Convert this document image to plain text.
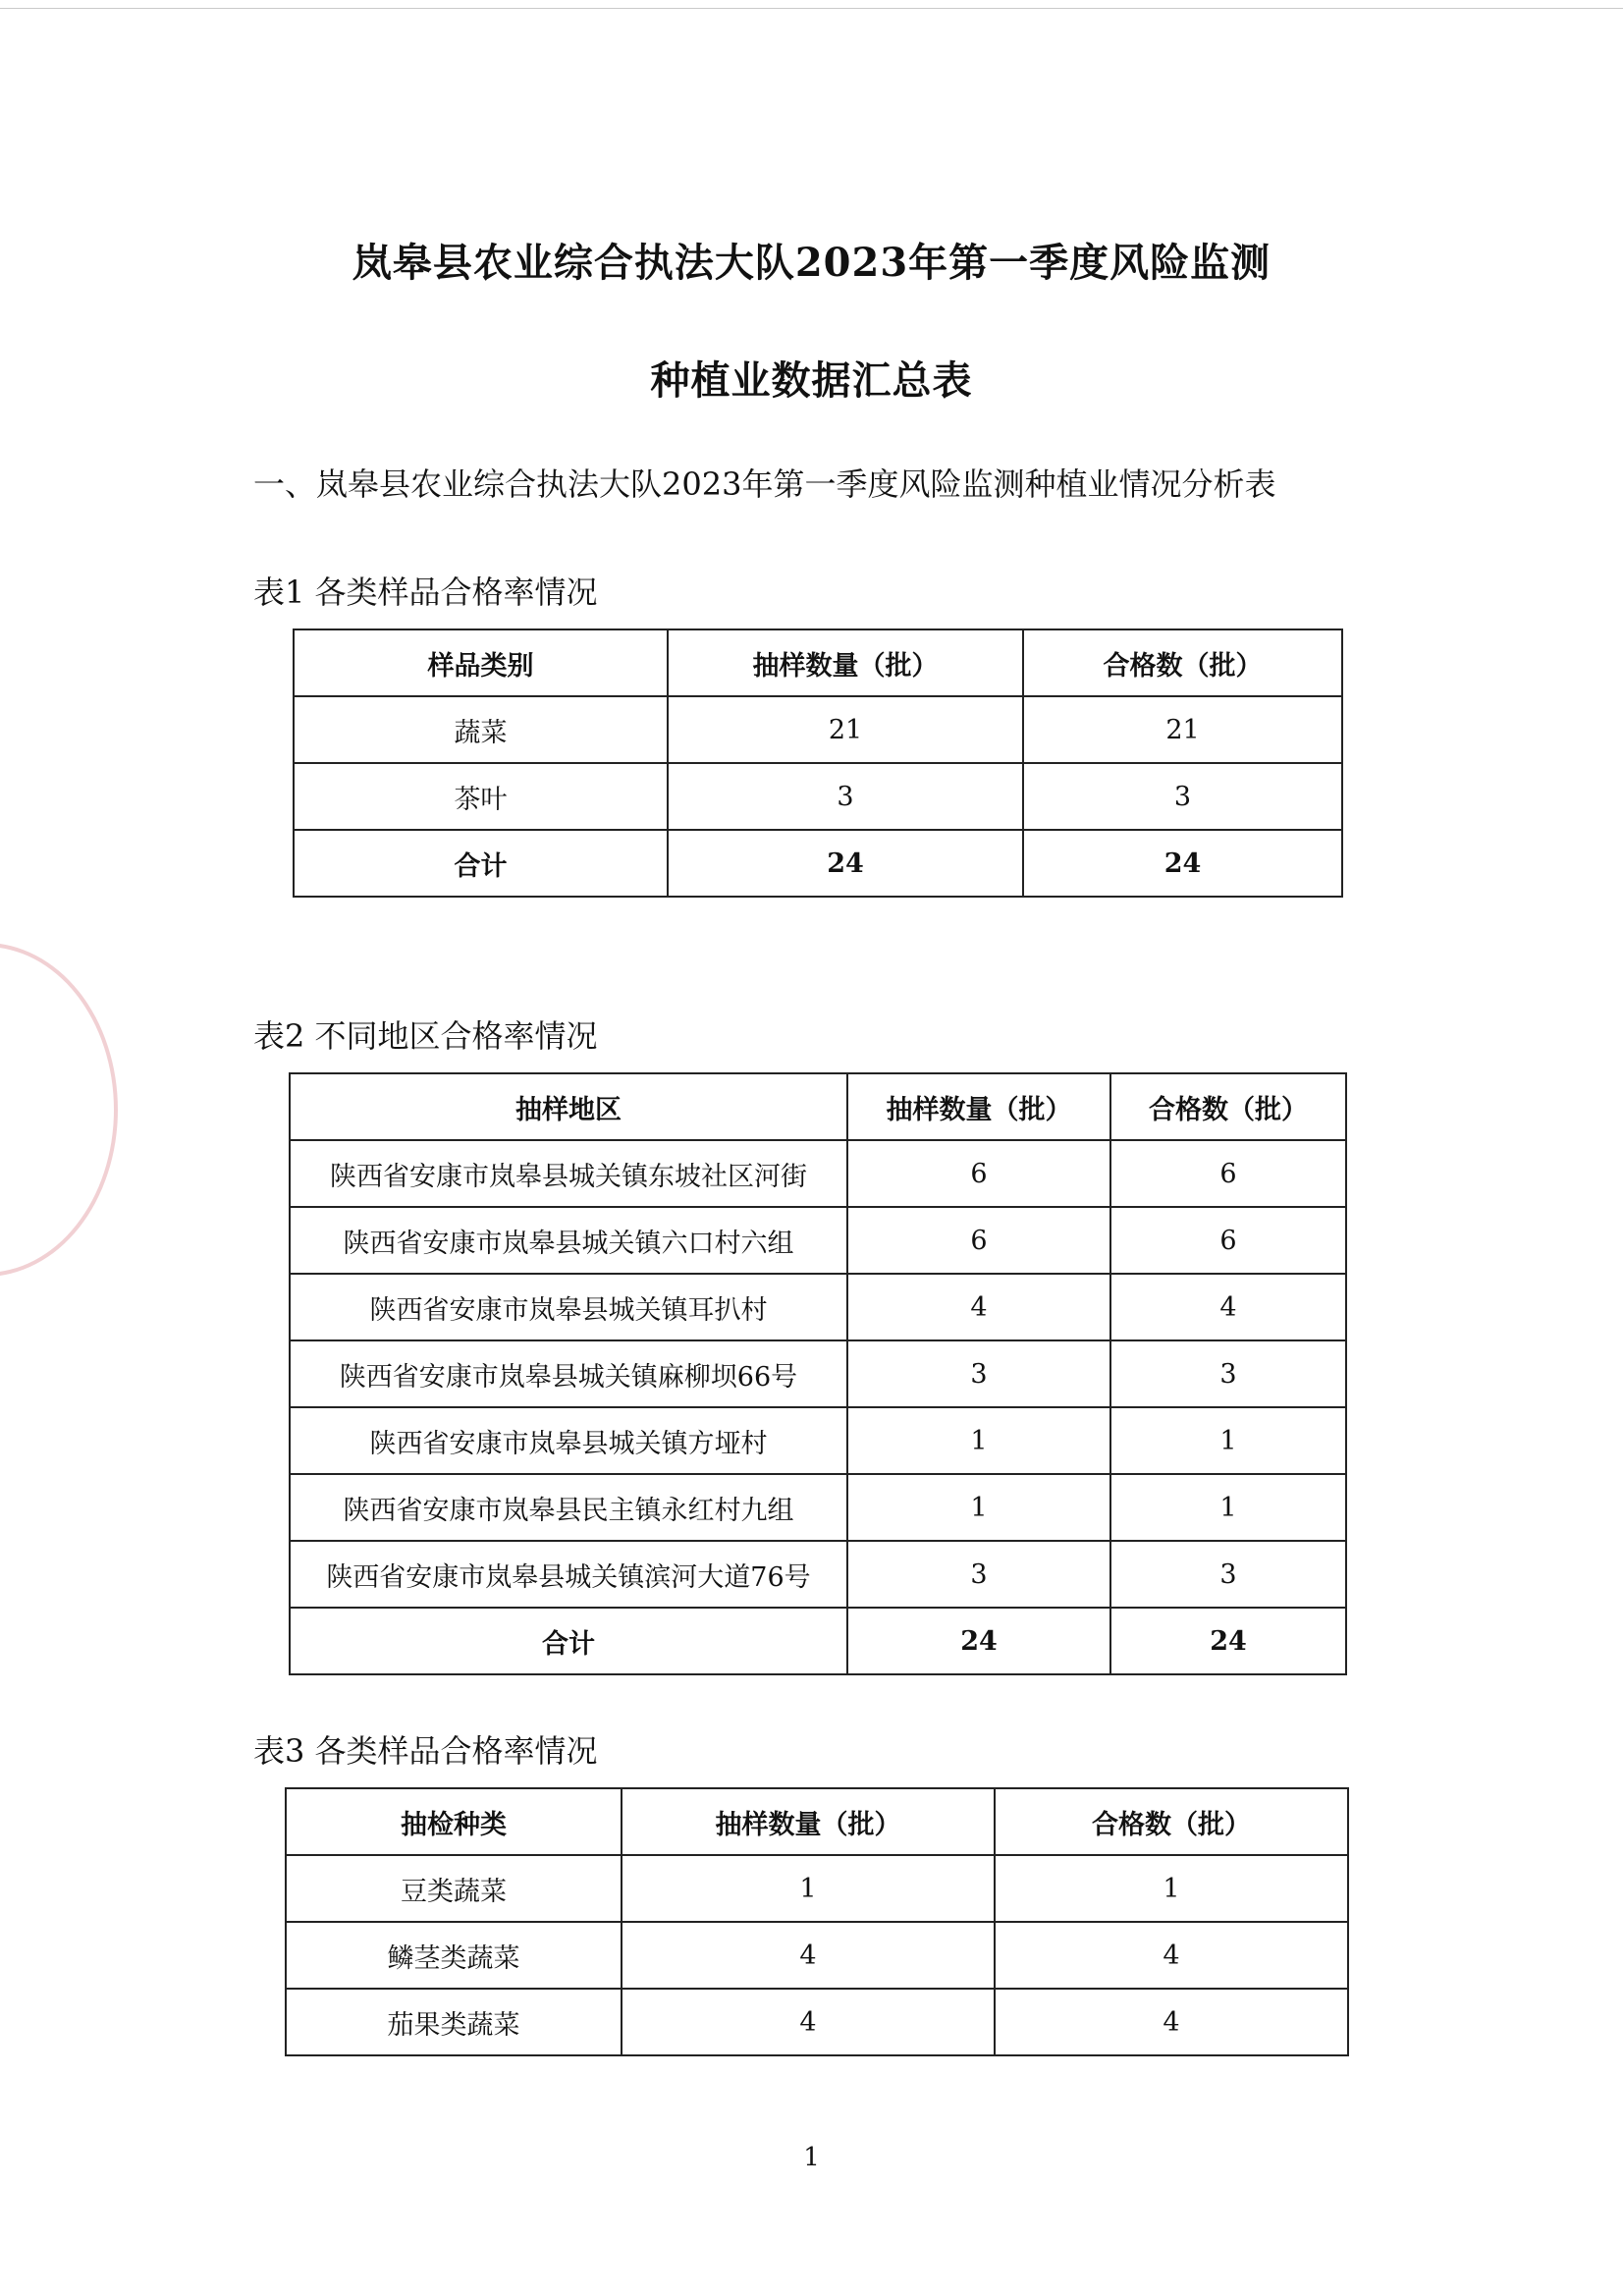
岚皋县农业综合执法大队2023年第一季度风险监测
种植业数据汇总表
一、岚皋县农业综合执法大队2023年第一季度风险监测种植业情况分析表
表1 各类样品合格率情况
样品类别	抽样数量（批）	合格数（批）
蔬菜	21	21
茶叶	3	3
合计	24	24
表2 不同地区合格率情况
抽样地区	抽样数量（批）	合格数（批）
陕西省安康市岚皋县城关镇东坡社区河街	6	6
陕西省安康市岚皋县城关镇六口村六组	6	6
陕西省安康市岚皋县城关镇耳扒村	4	4
陕西省安康市岚皋县城关镇麻柳坝66号	3	3
陕西省安康市岚皋县城关镇方垭村	1	1
陕西省安康市岚皋县民主镇永红村九组	1	1
陕西省安康市岚皋县城关镇滨河大道76号	3	3
合计	24	24
表3 各类样品合格率情况
抽检种类	抽样数量（批）	合格数（批）
豆类蔬菜	1	1
鳞茎类蔬菜	4	4
茄果类蔬菜	4	4
1
